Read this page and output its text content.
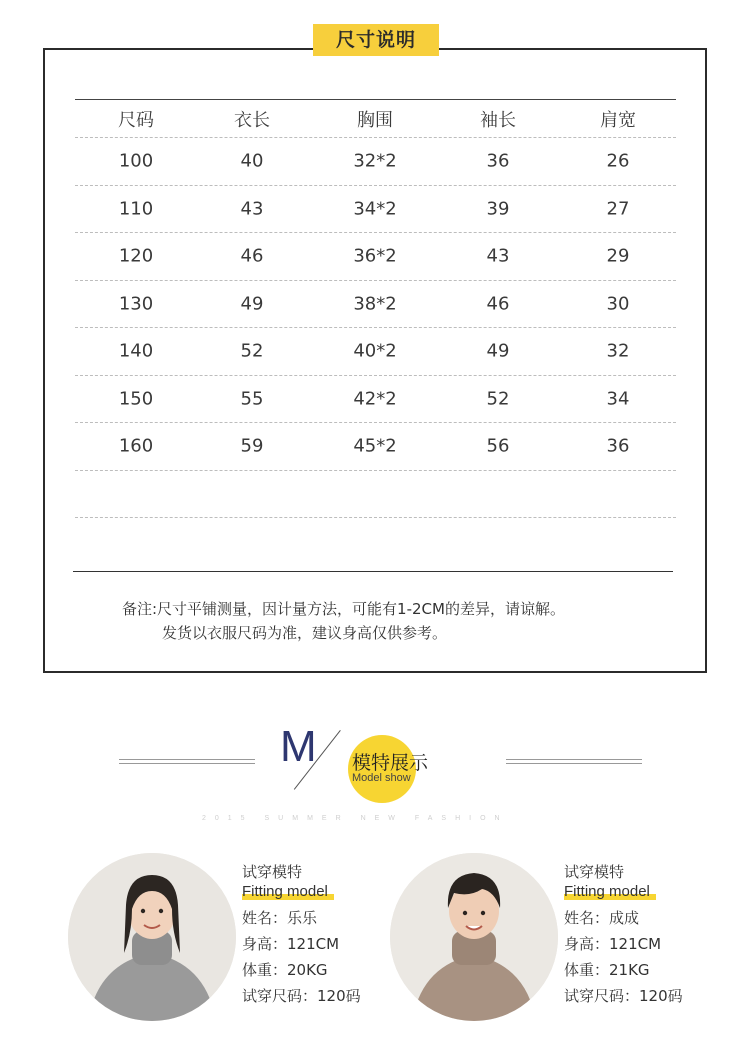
尺寸说明
尺码	衣长	胸围	袖长	肩宽
100	40	32*2	36	26
110	43	34*2	39	27
120	46	36*2	43	29
130	49	38*2	46	30
140	52	40*2	49	32
150	55	42*2	52	34
160	59	45*2	56	36
备注:尺寸平铺测量，因计量方法，可能有1-2CM的差异，请谅解。
发货以衣服尺码为准，建议身高仅供参考。
M 模特展示
Model show
2015 SUMMER NEW FASHION
试穿模特
Fitting model
姓名：乐乐
身高：121CM
体重：20KG
试穿尺码：120码
试穿模特
Fitting model
姓名：成成
身高：121CM
体重：21KG
试穿尺码：120码
